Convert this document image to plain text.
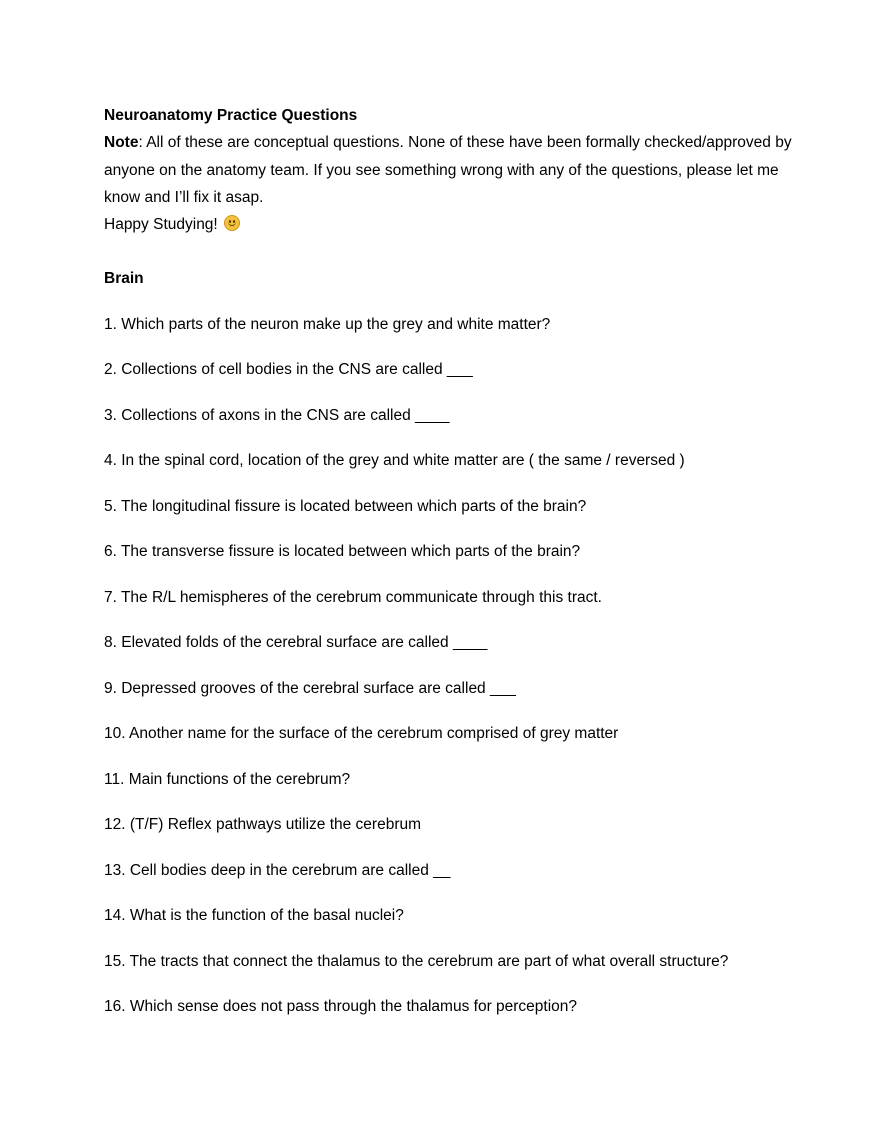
Neuroanatomy Practice Questions

Note: All of these are conceptual questions. None of these have been formally checked/approved by anyone on the anatomy team. If you see something wrong with any of the questions, please let me know and I’ll fix it asap.

Happy Studying!

Brain

1. Which parts of the neuron make up the grey and white matter?
2. Collections of cell bodies in the CNS are called ___
3. Collections of axons in the CNS are called ____
4. In the spinal cord, location of the grey and white matter are ( the same / reversed )
5. The longitudinal fissure is located between which parts of the brain?
6. The transverse fissure is located between which parts of the brain?
7. The R/L hemispheres of the cerebrum communicate through this tract.
8. Elevated folds of the cerebral surface are called ____
9. Depressed grooves of the cerebral surface are called ___
10. Another name for the surface of the cerebrum comprised of grey matter
11. Main functions of the cerebrum?
12. (T/F) Reflex pathways utilize the cerebrum
13. Cell bodies deep in the cerebrum are called __
14. What is the function of the basal nuclei?
15. The tracts that connect the thalamus to the cerebrum are part of what overall structure?
16. Which sense does not pass through the thalamus for perception?
